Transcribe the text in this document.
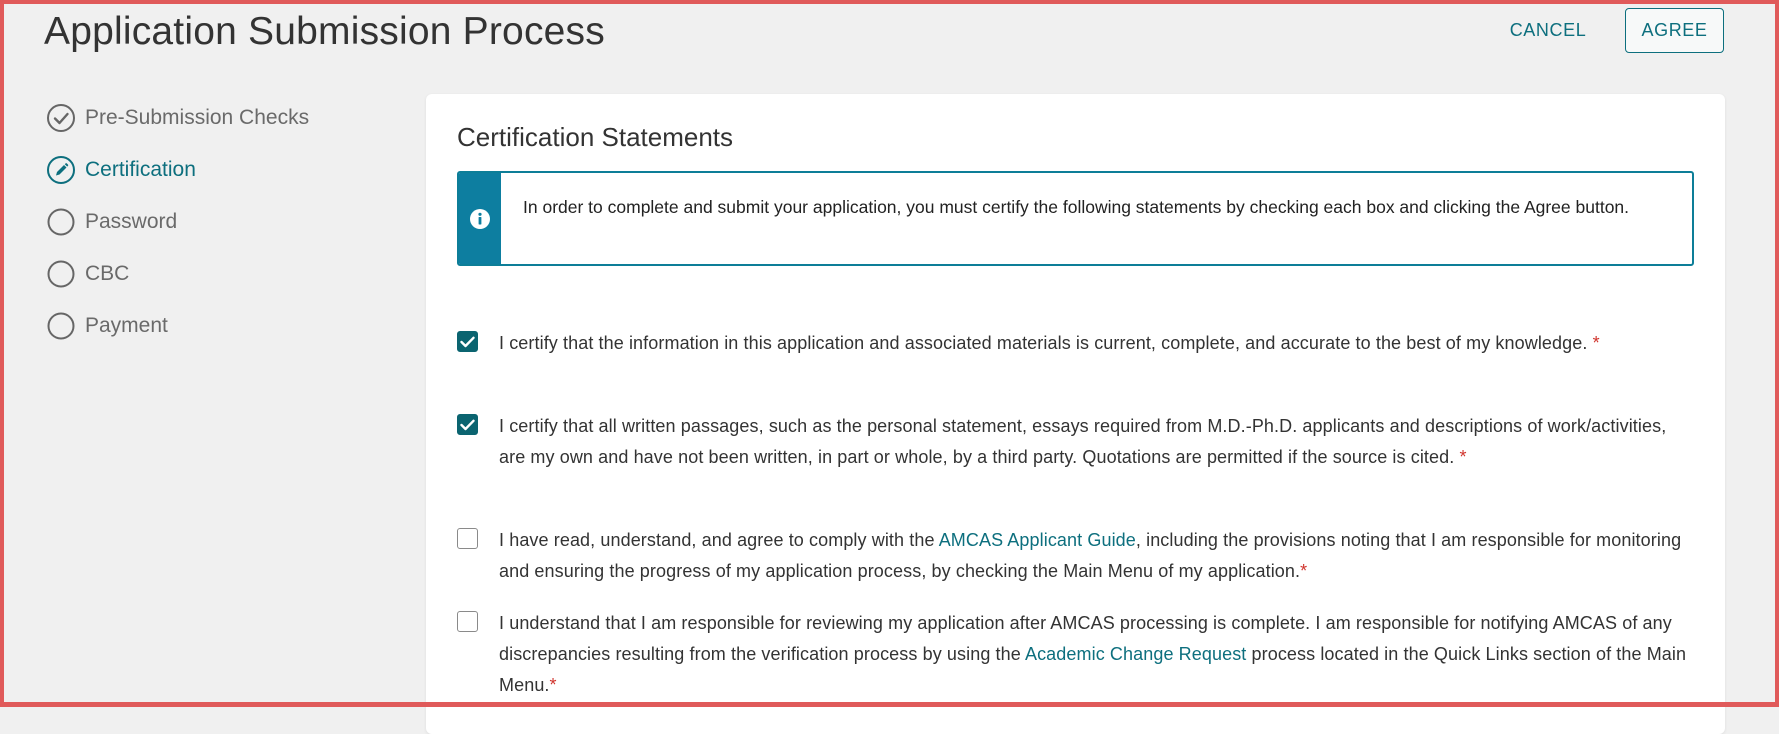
Application Submission Process	CANCEL	AGREE
Pre-Submission Checks
Certification
Password
CBC
Payment
Certification Statements
In order to complete and submit your application, you must certify the following statements by checking each box and clicking the Agree button.
I certify that the information in this application and associated materials is current, complete, and accurate to the best of my knowledge. *
I certify that all written passages, such as the personal statement, essays required from M.D.-Ph.D. applicants and descriptions of work/activities, are my own and have not been written, in part or whole, by a third party. Quotations are permitted if the source is cited. *
I have read, understand, and agree to comply with the AMCAS Applicant Guide, including the provisions noting that I am responsible for monitoring and ensuring the progress of my application process, by checking the Main Menu of my application.*
I understand that I am responsible for reviewing my application after AMCAS processing is complete. I am responsible for notifying AMCAS of any discrepancies resulting from the verification process by using the Academic Change Request process located in the Quick Links section of the Main Menu.*
